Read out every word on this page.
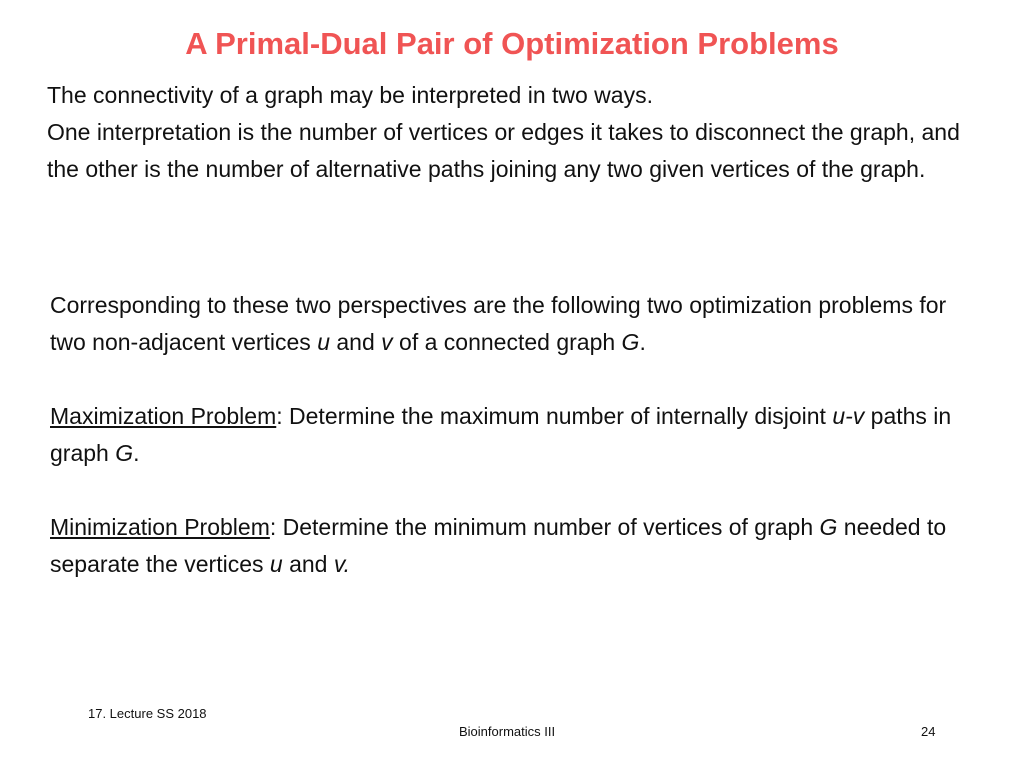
A Primal-Dual Pair of Optimization Problems

The connectivity of a graph may be interpreted in two ways.

One interpretation is the number of vertices or edges it takes to disconnect the graph, and the other is the number of alternative paths joining any two given vertices of the graph.

Corresponding to these two perspectives are the following two optimization problems for two non-adjacent vertices u and v of a connected graph G.

Maximization Problem: Determine the maximum number of internally disjoint u-v paths in graph G.

Minimization Problem: Determine the minimum number of vertices of graph G needed to separate the vertices u and v.

17. Lecture SS 2018
Bioinformatics III	24
